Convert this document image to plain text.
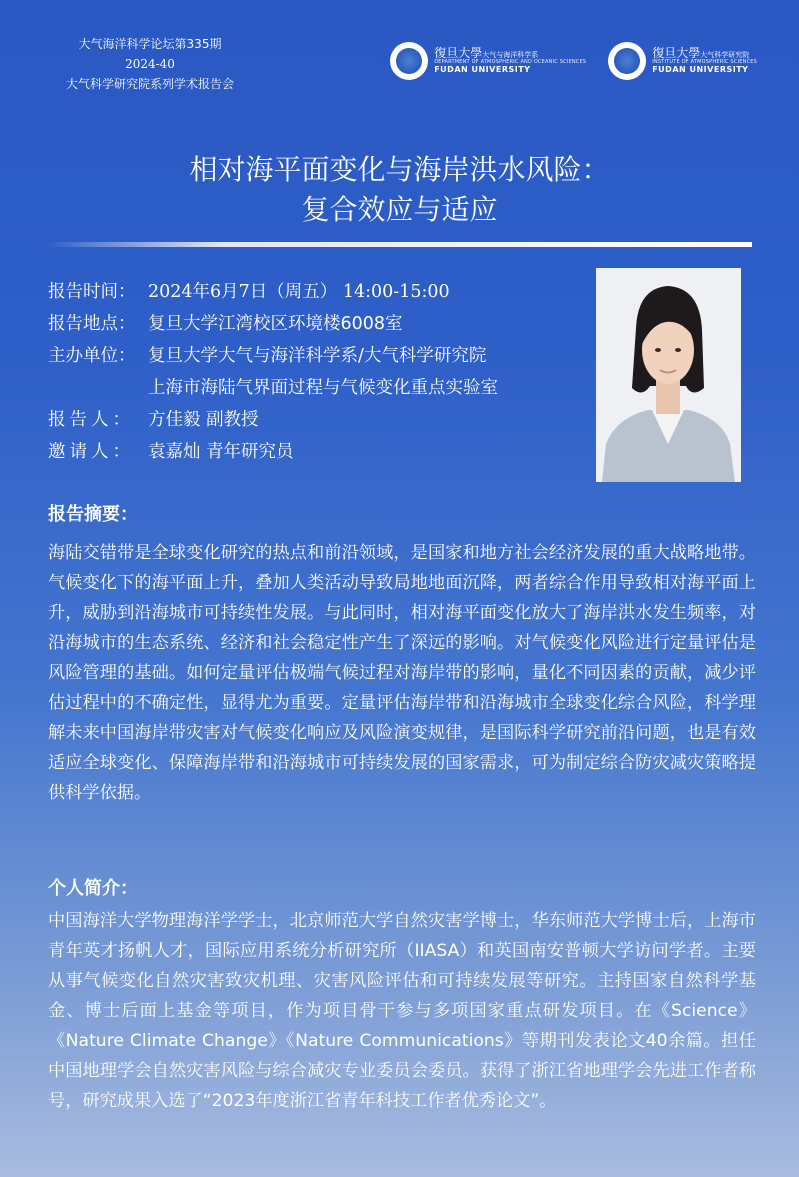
大气海洋科学论坛第335期
2024-40
大气科学研究院系列学术报告会
復旦大學大气与海洋科学系
DEPARTMENT OF ATMOSPHERIC AND OCEANIC SCIENCES
FUDAN UNIVERSITY
復旦大學大气科学研究院
INSTITUTE OF ATMOSPHERIC SCIENCES
FUDAN UNIVERSITY
相对海平面变化与海岸洪水风险：
复合效应与适应
报告时间： 2024年6月7日（周五） 14:00-15:00
报告地点： 复旦大学江湾校区环境楼6008室
主办单位： 复旦大学大气与海洋科学系/大气科学研究院
上海市海陆气界面过程与气候变化重点实验室
报告人： 方佳毅 副教授
邀请人： 袁嘉灿 青年研究员
报告摘要：
海陆交错带是全球变化研究的热点和前沿领域，是国家和地方社会经济发展的重大战略地带。气候变化下的海平面上升，叠加人类活动导致局地地面沉降，两者综合作用导致相对海平面上升，威胁到沿海城市可持续性发展。与此同时，相对海平面变化放大了海岸洪水发生频率，对沿海城市的生态系统、经济和社会稳定性产生了深远的影响。对气候变化风险进行定量评估是风险管理的基础。如何定量评估极端气候过程对海岸带的影响，量化不同因素的贡献，减少评估过程中的不确定性，显得尤为重要。定量评估海岸带和沿海城市全球变化综合风险，科学理解未来中国海岸带灾害对气候变化响应及风险演变规律，是国际科学研究前沿问题，也是有效适应全球变化、保障海岸带和沿海城市可持续发展的国家需求，可为制定综合防灾减灾策略提供科学依据。
个人简介：
中国海洋大学物理海洋学学士，北京师范大学自然灾害学博士，华东师范大学博士后，上海市青年英才扬帆人才，国际应用系统分析研究所（IIASA）和英国南安普顿大学访问学者。主要从事气候变化自然灾害致灾机理、灾害风险评估和可持续发展等研究。主持国家自然科学基金、博士后面上基金等项目，作为项目骨干参与多项国家重点研发项目。在《Science》《Nature Climate Change》《Nature Communications》等期刊发表论文40余篇。担任中国地理学会自然灾害风险与综合减灾专业委员会委员。获得了浙江省地理学会先进工作者称号，研究成果入选了“2023年度浙江省青年科技工作者优秀论文”。
